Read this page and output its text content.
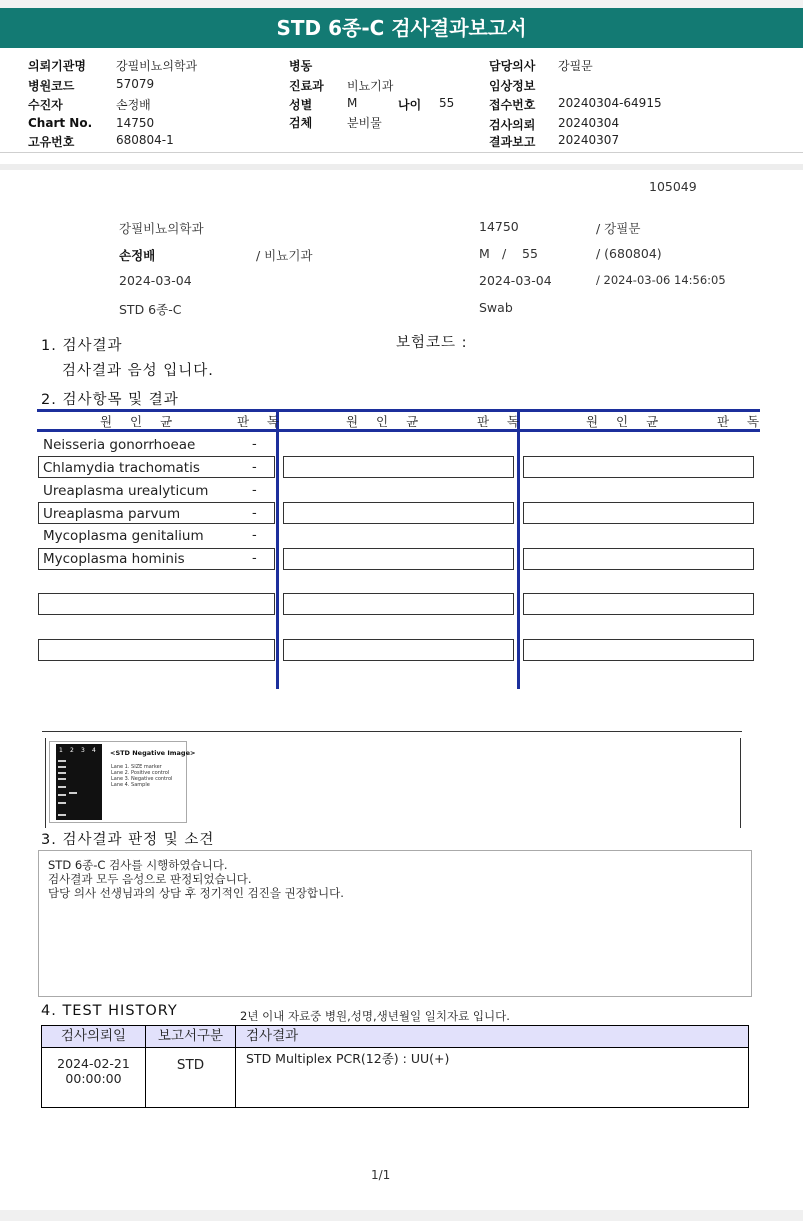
STD 6종-C 검사결과보고서
의뢰기관명	강필비뇨의학과
병원코드	57079
수진자	손정배
Chart No. 14750
고유번호	680804-1
병동
진료과 비뇨기과
성별	M	나이 55
검체	분비물
담당의사 강필문
임상정보
접수번호 20240304-64915
검사의뢰 20240304
결과보고 20240307
105049
강필비뇨의학과	14750	/ 강필문
손정배	/ 비뇨기과	M / 55	/ (680804)
2024-03-04	2024-03-04	/ 2024-03-06 14:56:05
STD 6종-C	Swab
1. 검사결과	보험코드 :
검사결과 음성 입니다.
2. 검사항목 및 결과
원 인 균	판 독	원 인 균	판 독	원 인 균	판 독
Neisseria gonorrhoeae	-
Chlamydia trachomatis	-
Ureaplasma urealyticum	-
Ureaplasma parvum	-
Mycoplasma genitalium	-
Mycoplasma hominis	-
1 2 3 4 <STD Negative Image>
Lane 1. SIZE marker
Lane 2. Positive control
Lane 3. Negative control
Lane 4. Sample
3. 검사결과 판정 및 소견
STD 6종-C 검사를 시행하였습니다.
검사결과 모두 음성으로 판정되었습니다.
담당 의사 선생님과의 상담 후 정기적인 검진을 권장합니다.
4. TEST HISTORY	2년 이내 자료중 병원,성명,생년월일 일치자료 입니다.
검사의뢰일	보고서구분	검사결과
2024-02-21
00:00:00
STD	STD Multiplex PCR(12종) : UU(+)
1/1
